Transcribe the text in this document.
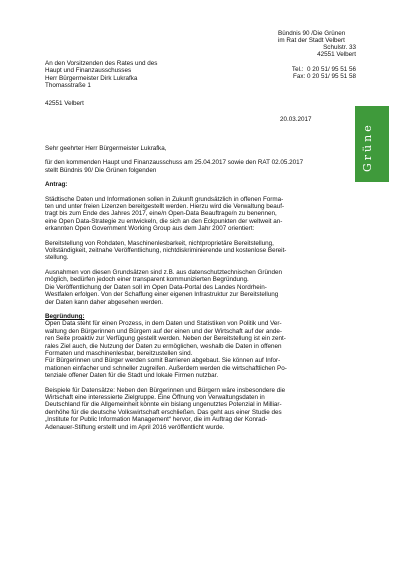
Grüne
Bündnis 90 /Die Grünen
im Rat der Stadt Velbert
Schulstr. 33
42551 Velbert
Tel.:  0 20 51/ 95 51 56
Fax: 0 20 51/ 95 51 58
An den Vorsitzenden des Rates und des
Haupt und Finanzausschusses
Herr Bürgermeister Dirk Lukrafka
Thomasstraße 1
42551 Velbert
20.03.2017

Sehr geehrter Herr Bürgermeister Lukrafka,

für den kommenden Haupt und Finanzausschuss am 25.04.2017 sowie den RAT 02.05.2017
stellt Bündnis 90/ Die Grünen folgenden

Antrag:

Städtische Daten und Informationen sollen in Zukunft grundsätzlich in offenen Forma-
ten und unter freien Lizenzen bereitgestellt werden. Hierzu wird die Verwaltung beauf-
tragt bis zum Ende des Jahres 2017, eine/n Open-Data Beauftrage/n zu benennen,
eine Open Data-Strategie zu entwickeln, die sich an den Eckpunkten der weltweit an-
erkannten Open Government Working Group aus dem Jahr 2007 orientiert:

Bereitstellung von Rohdaten, Maschinenlesbarkeit, nichtproprietäre Bereitstellung,
Vollständigkeit, zeitnahe Veröffentlichung, nichtdiskriminierende und kostenlose Bereit-
stellung.

Ausnahmen von diesen Grundsätzen sind z.B. aus datenschutztechnischen Gründen
möglich, bedürfen jedoch einer transparent kommunizierten Begründung.
Die Veröffentlichung der Daten soll im Open Data-Portal des Landes Nordrhein-
Westfalen erfolgen. Von der Schaffung einer eigenen Infrastruktur zur Bereitstellung
der Daten kann daher abgesehen werden.

Begründung:

Open Data steht für einen Prozess, in dem Daten und Statistiken von Politik und Ver-
waltung den Bürgerinnen und Bürgern auf der einen und der Wirtschaft auf der ande-
ren Seite proaktiv zur Verfügung gestellt werden. Neben der Bereitstellung ist ein zent-
rales Ziel auch, die Nutzung der Daten zu ermöglichen, weshalb die Daten in offenen
Formaten und maschinenlesbar, bereitzustellen sind.
Für Bürgerinnen und Bürger werden somit Barrieren abgebaut. Sie können auf Infor-
mationen einfacher und schneller zugreifen. Außerdem werden die wirtschaftlichen Po-
tenziale offener Daten für die Stadt und lokale Firmen nutzbar.

Beispiele für Datensätze: Neben den Bürgerinnen und Bürgern wäre insbesondere die
Wirtschaft eine interessierte Zielgruppe. Eine Öffnung von Verwaltungsdaten in
Deutschland für die Allgemeinheit könnte ein bislang ungenutztes Potenzial in Milliar-
denhöhe für die deutsche Volkswirtschaft erschließen. Das geht aus einer Studie des
„Institute for Public Information Management“ hervor, die im Auftrag der Konrad-
Adenauer-Stiftung erstellt und im April 2016 veröffentlicht wurde.
